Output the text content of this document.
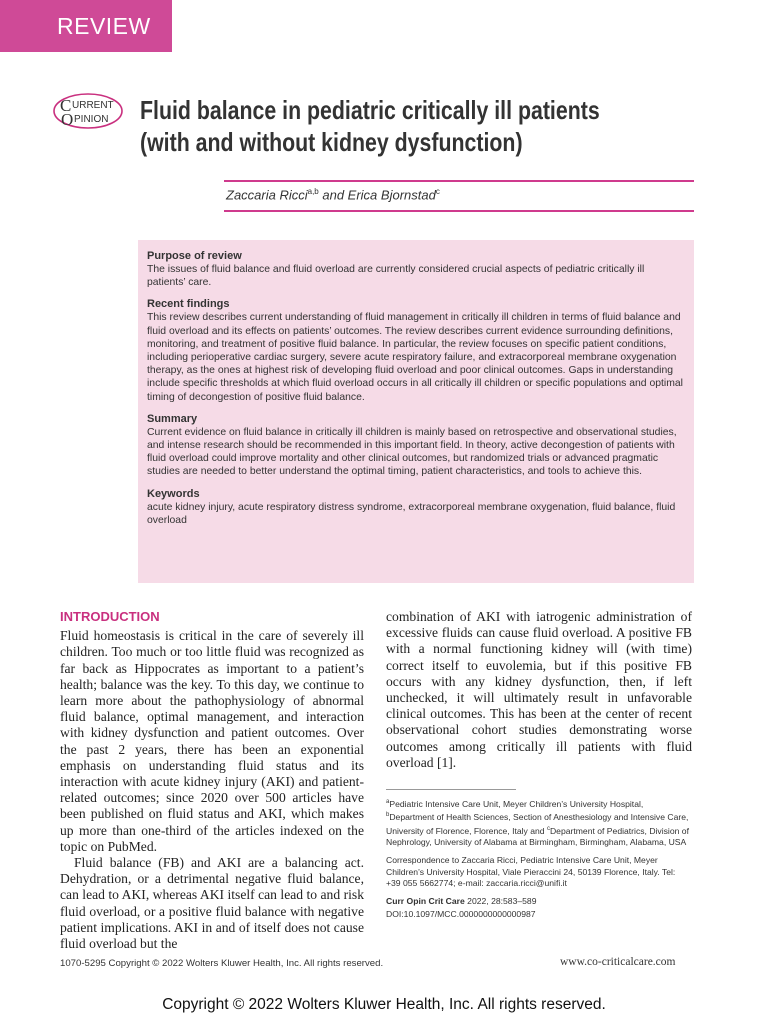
REVIEW
C URRENT
O PINION Fluid balance in pediatric critically ill patients
(with and without kidney dysfunction)
Zaccaria Ricci$^{a,b}$ and Erica Bjornstad$^c$
Purpose of review

The issues of fluid balance and fluid overload are currently considered crucial aspects of pediatric critically ill patients’ care.

Recent findings

This review describes current understanding of fluid management in critically ill children in terms of fluid balance and fluid overload and its effects on patients’ outcomes. The review describes current evidence surrounding definitions, monitoring, and treatment of positive fluid balance. In particular, the review focuses on specific patient conditions, including perioperative cardiac surgery, severe acute respiratory failure, and extracorporeal membrane oxygenation therapy, as the ones at highest risk of developing fluid overload and poor clinical outcomes. Gaps in understanding include specific thresholds at which fluid overload occurs in all critically ill children or specific populations and optimal timing of decongestion of positive fluid balance.

Summary

Current evidence on fluid balance in critically ill children is mainly based on retrospective and observational studies, and intense research should be recommended in this important field. In theory, active decongestion of patients with fluid overload could improve mortality and other clinical outcomes, but randomized trials or advanced pragmatic studies are needed to better understand the optimal timing, patient characteristics, and tools to achieve this.

Keywords

acute kidney injury, acute respiratory distress syndrome, extracorporeal membrane oxygenation, fluid balance, fluid overload

INTRODUCTION

Fluid homeostasis is critical in the care of severely ill children. Too much or too little fluid was recognized as far back as Hippocrates as important to a patient’s health; balance was the key. To this day, we continue to learn more about the pathophysiology of abnormal fluid balance, optimal management, and interaction with kidney dysfunction and patient outcomes. Over the past 2 years, there has been an exponential emphasis on understanding fluid status and its interaction with acute kidney injury (AKI) and patient-related outcomes; since 2020 over 500 articles have been published on fluid status and AKI, which makes up more than one-third of the articles indexed on the topic on PubMed.

Fluid balance (FB) and AKI are a balancing act. Dehydration, or a detrimental negative fluid balance, can lead to AKI, whereas AKI itself can lead to and risk fluid overload, or a positive fluid balance with negative patient implications. AKI in and of itself does not cause fluid overload but the

combination of AKI with iatrogenic administration of excessive fluids can cause fluid overload. A positive FB with a normal functioning kidney will (with time) correct itself to euvolemia, but if this positive FB occurs with any kidney dysfunction, then, if left unchecked, it will ultimately result in unfavorable clinical outcomes. This has been at the center of recent observational cohort studies demonstrating worse outcomes among critically ill patients with fluid overload [1].

$^a$Pediatric Intensive Care Unit, Meyer Children’s University Hospital, $^b$Department of Health Sciences, Section of Anesthesiology and Intensive Care, University of Florence, Florence, Italy and $^c$Department of Pediatrics, Division of Nephrology, University of Alabama at Birmingham, Birmingham, Alabama, USA

Correspondence to Zaccaria Ricci, Pediatric Intensive Care Unit, Meyer Children’s University Hospital, Viale Pieraccini 24, 50139 Florence, Italy. Tel: +39 055 5662774; e-mail: zaccaria.ricci@unifi.it

Curr Opin Crit Care 2022, 28:583–589

DOI:10.1097/MCC.0000000000000987

1070-5295 Copyright © 2022 Wolters Kluwer Health, Inc. All rights reserved.	www.co-criticalcare.com
Copyright © 2022 Wolters Kluwer Health, Inc. All rights reserved.
